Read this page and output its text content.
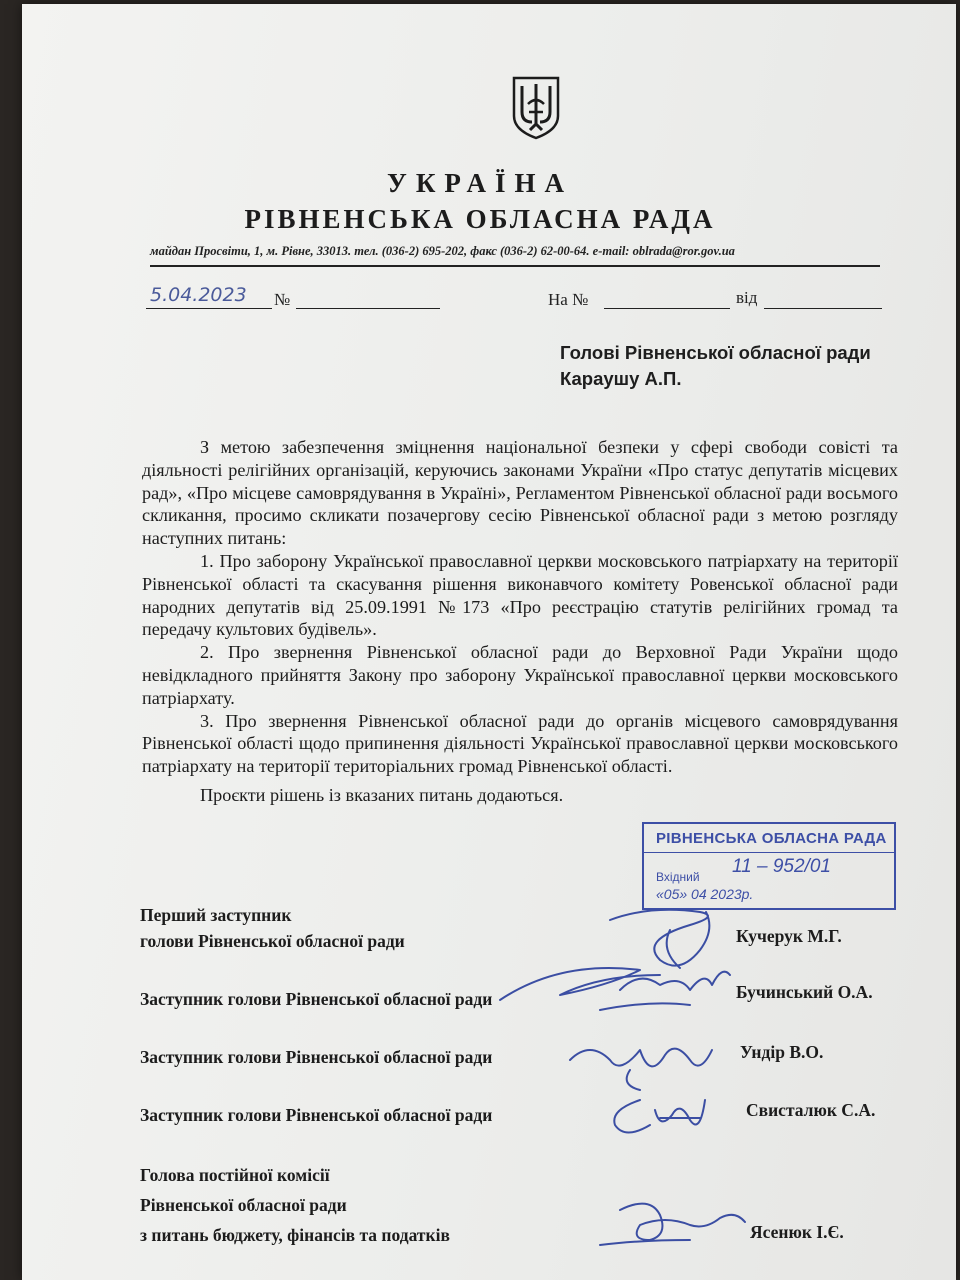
УКРАЇНА
РІВНЕНСЬКА ОБЛАСНА РАДА
майдан Просвіти, 1, м. Рівне, 33013. тел. (036-2) 695-202, факс (036-2) 62-00-64. e-mail: oblrada@ror.gov.ua
5.04.2023 №	На №	від
Голові Рівненської обласної ради
Караушу А.П.

З метою забезпечення зміцнення національної безпеки у сфері свободи совісті та діяльності релігійних організацій, керуючись законами України «Про статус депутатів місцевих рад», «Про місцеве самоврядування в Україні», Регламентом Рівненської обласної ради восьмого скликання, просимо скликати позачергову сесію Рівненської обласної ради з метою розгляду наступних питань:

1. Про заборону Української православної церкви московського патріархату на території Рівненської області та скасування рішення виконавчого комітету Ровенської обласної ради народних депутатів від 25.09.1991 №173 «Про реєстрацію статутів релігійних громад та передачу культових будівель».

2. Про звернення Рівненської обласної ради до Верховної Ради України щодо невідкладного прийняття Закону про заборону Української православної церкви московського патріархату.

3. Про звернення Рівненської обласної ради до органів місцевого самоврядування Рівненської області щодо припинення діяльності Української православної церкви московського патріархату на території територіальних громад Рівненської області.

Проєкти рішень із вказаних питань додаються.

РІВНЕНСЬКА ОБЛАСНА РАДА
Вхідний 11 – 952/01
«05» 04 2023р.
Перший заступник
голови Рівненської обласної ради	Кучерук М.Г.
Заступник голови Рівненської обласної ради	Бучинський О.А.
Заступник голови Рівненської обласної ради	Ундір В.О.
Заступник голови Рівненської обласної ради	Свисталюк С.А.
Голова постійної комісії
Рівненської обласної ради
з питань бюджету, фінансів та податків	Ясенюк І.Є.
